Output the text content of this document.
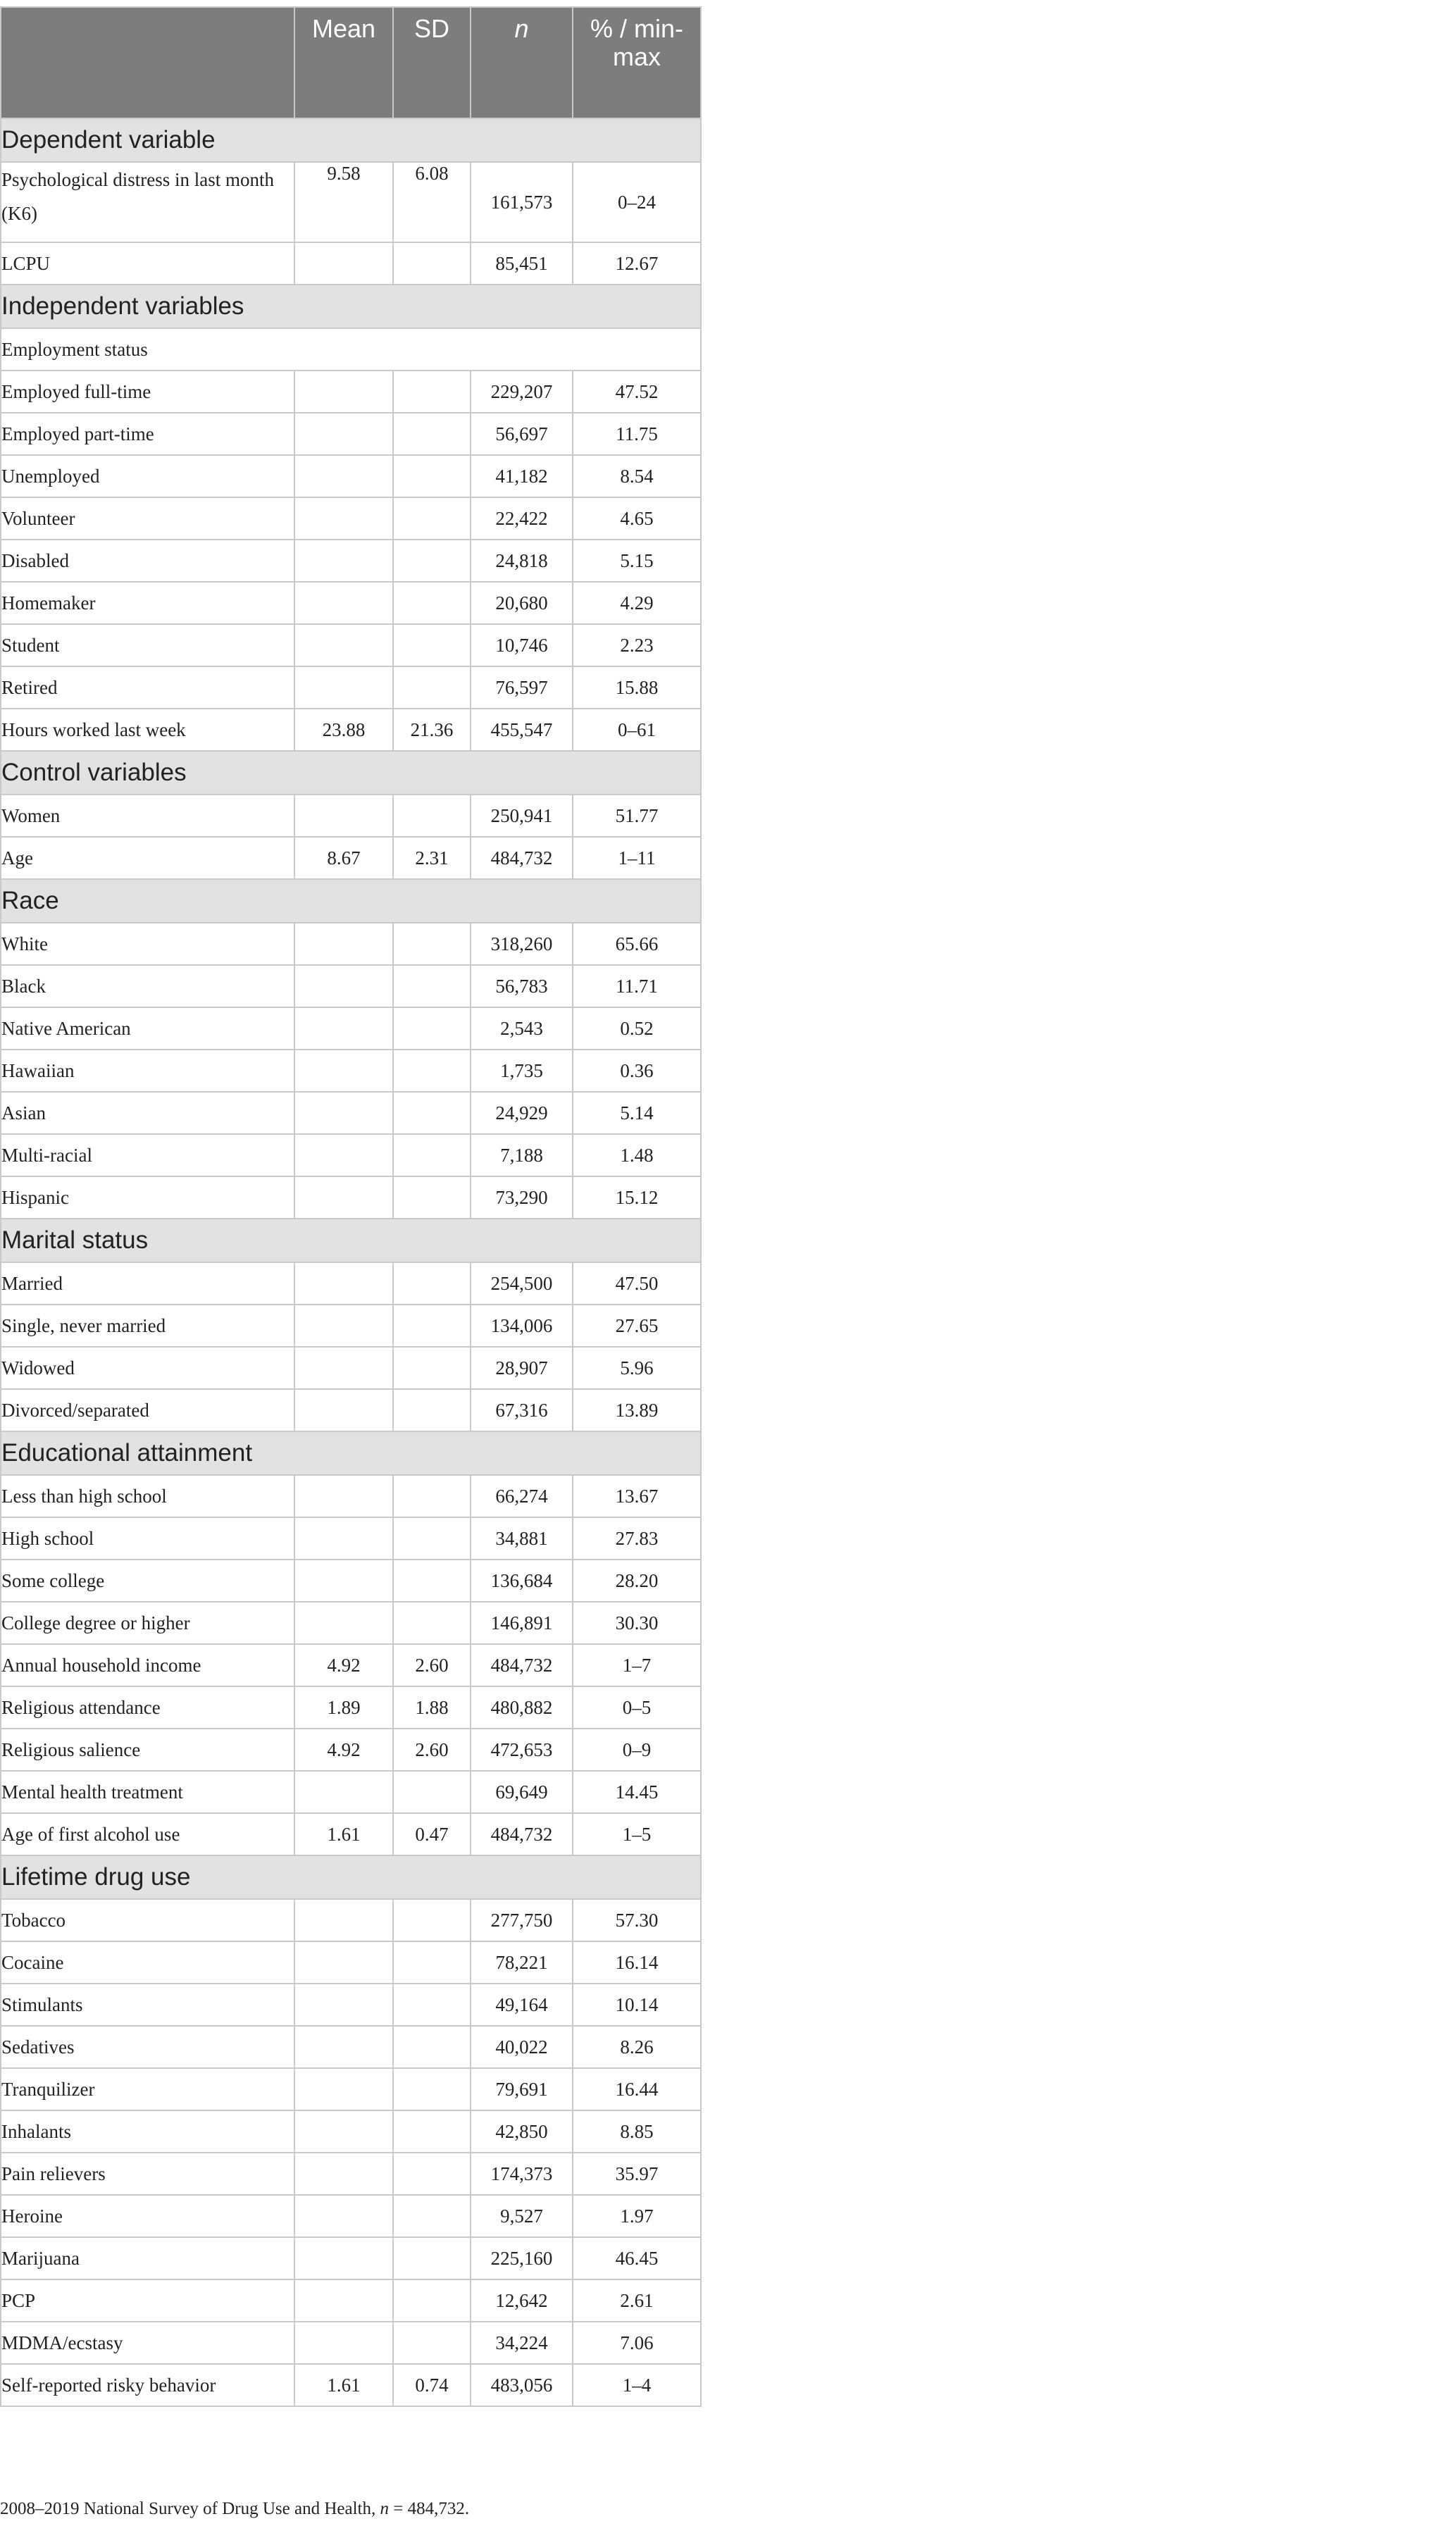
	Mean	SD	n	% / min-max
Dependent variable				
Psychological distress in last month (K6)	9.58	6.08	161,573	0–24
LCPU			85,451	12.67
Independent variables				
Employment status				
Employed full-time			229,207	47.52
Employed part-time			56,697	11.75
Unemployed			41,182	8.54
Volunteer			22,422	4.65
Disabled			24,818	5.15
Homemaker			20,680	4.29
Student			10,746	2.23
Retired			76,597	15.88
Hours worked last week	23.88	21.36	455,547	0–61
Control variables				
Women			250,941	51.77
Age	8.67	2.31	484,732	1–11
Race				
White			318,260	65.66
Black			56,783	11.71
Native American			2,543	0.52
Hawaiian			1,735	0.36
Asian			24,929	5.14
Multi-racial			7,188	1.48
Hispanic			73,290	15.12
Marital status				
Married			254,500	47.50
Single, never married			134,006	27.65
Widowed			28,907	5.96
Divorced/separated			67,316	13.89
Educational attainment				
Less than high school			66,274	13.67
High school			34,881	27.83
Some college			136,684	28.20
College degree or higher			146,891	30.30
Annual household income	4.92	2.60	484,732	1–7
Religious attendance	1.89	1.88	480,882	0–5
Religious salience	4.92	2.60	472,653	0–9
Mental health treatment			69,649	14.45
Age of first alcohol use	1.61	0.47	484,732	1–5
Lifetime drug use				
Tobacco			277,750	57.30
Cocaine			78,221	16.14
Stimulants			49,164	10.14
Sedatives			40,022	8.26
Tranquilizer			79,691	16.44
Inhalants			42,850	8.85
Pain relievers			174,373	35.97
Heroine			9,527	1.97
Marijuana			225,160	46.45
PCP			12,642	2.61
MDMA/ecstasy			34,224	7.06
Self-reported risky behavior	1.61	0.74	483,056	1–4
2008–2019 National Survey of Drug Use and Health, n = 484,732.
